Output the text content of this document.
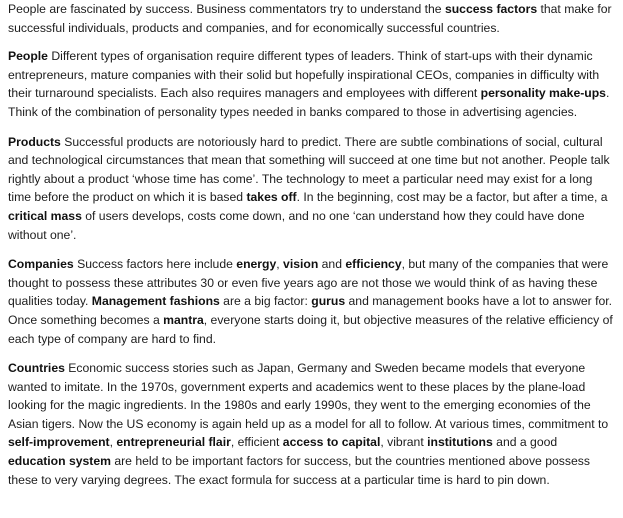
People are fascinated by success. Business commentators try to understand the success factors that make for successful individuals, products and companies, and for economically successful countries.

People Different types of organisation require different types of leaders. Think of start-ups with their dynamic entrepreneurs, mature companies with their solid but hopefully inspirational CEOs, companies in difficulty with their turnaround specialists. Each also requires managers and employees with different personality make-ups. Think of the combination of personality types needed in banks compared to those in advertising agencies.

Products Successful products are notoriously hard to predict. There are subtle combinations of social, cultural and technological circumstances that mean that something will succeed at one time but not another. People talk rightly about a product ‘whose time has come’. The technology to meet a particular need may exist for a long time before the product on which it is based takes off. In the beginning, cost may be a factor, but after a time, a critical mass of users develops, costs come down, and no one ‘can understand how they could have done without one’.

Companies Success factors here include energy, vision and efficiency, but many of the companies that were thought to possess these attributes 30 or even five years ago are not those we would think of as having these qualities today. Management fashions are a big factor: gurus and management books have a lot to answer for. Once something becomes a mantra, everyone starts doing it, but objective measures of the relative efficiency of each type of company are hard to find.

Countries Economic success stories such as Japan, Germany and Sweden became models that everyone wanted to imitate. In the 1970s, government experts and academics went to these places by the plane-load looking for the magic ingredients. In the 1980s and early 1990s, they went to the emerging economies of the Asian tigers. Now the US economy is again held up as a model for all to follow. At various times, commitment to self-improvement, entrepreneurial flair, efficient access to capital, vibrant institutions and a good education system are held to be important factors for success, but the countries mentioned above possess these to very varying degrees. The exact formula for success at a particular time is hard to pin down.
